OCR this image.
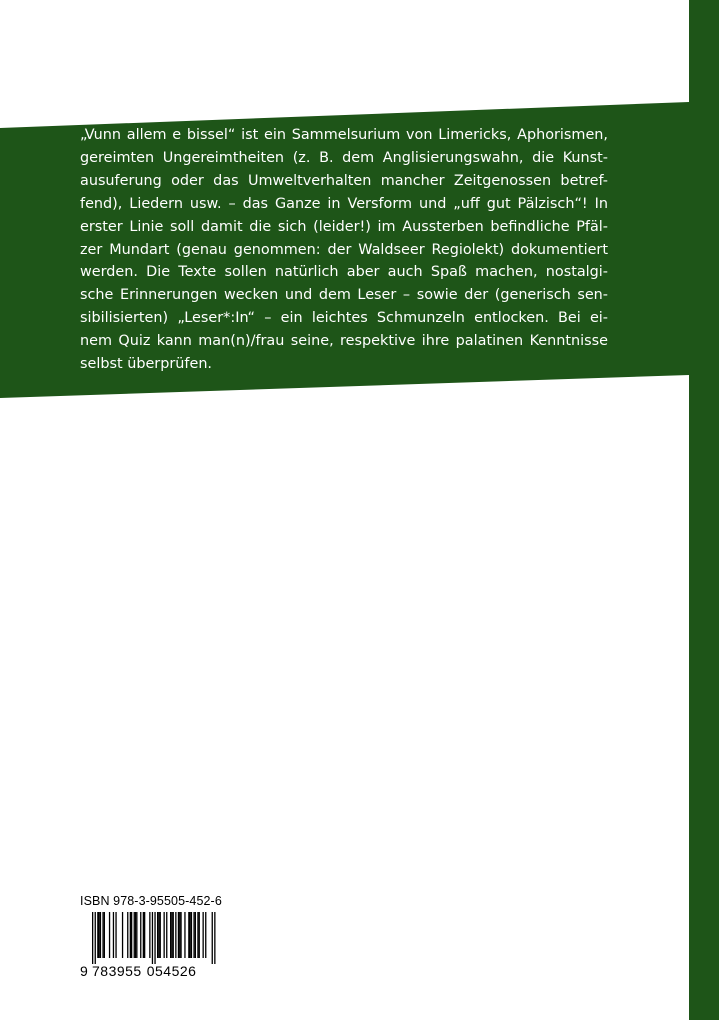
„Vunn allem e bissel“ ist ein Sammelsurium von Limericks, Aphorismen,
gereimten Ungereimtheiten (z. B. dem Anglisierungswahn, die Kunst-
ausuferung oder das Umweltverhalten mancher Zeitgenossen betref-
fend), Liedern usw. – das Ganze in Versform und „uff gut Pälzisch“! In
erster Linie soll damit die sich (leider!) im Aussterben befindliche Pfäl-
zer Mundart (genau genommen: der Waldseer Regiolekt) dokumentiert
werden. Die Texte sollen natürlich aber auch Spaß machen, nostalgi-
sche Erinnerungen wecken und dem Leser – sowie der (generisch sen-
sibilisierten) „Leser*:In“ – ein leichtes Schmunzeln entlocken. Bei ei-
nem Quiz kann man(n)/frau seine, respektive ihre palatinen Kenntnisse
selbst überprüfen.
ISBN 978-3-95505-452-6
9 783955 054526
